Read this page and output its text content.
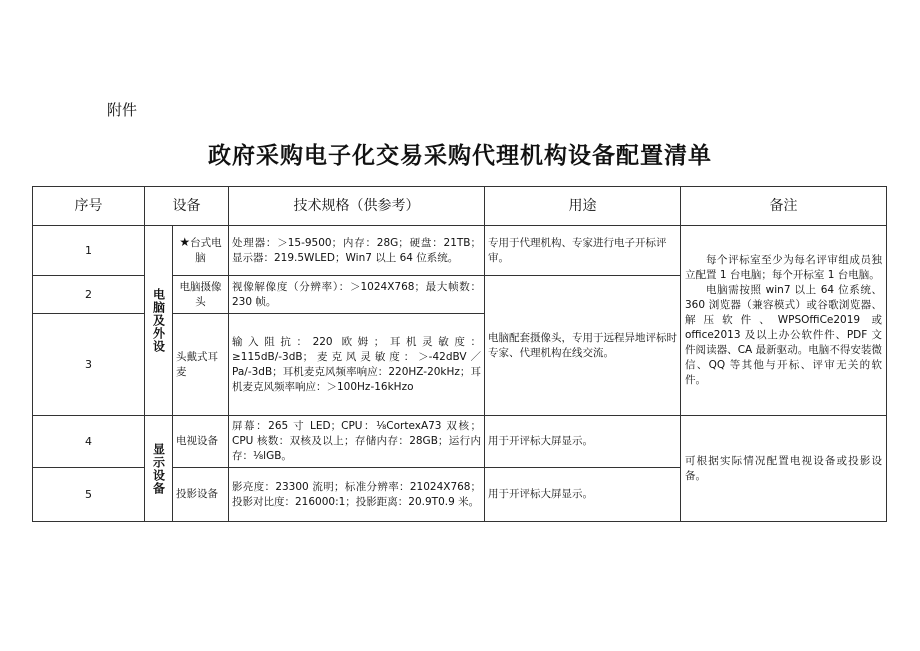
附件
政府采购电子化交易采购代理机构设备配置清单
序号	设备		技术规格（供参考）	用途	备注
1	电脑及外设	★台式电脑	处理器：＞15-9500；内存：28G；硬盘：21TB；显示器：219.5WLED；Win7 以上 64 位系统。	专用于代理机构、专家进行电子开标评审。	每个评标室至少为每名评审组成员独立配置 1 台电脑；每个开标室 1 台电脑。

电脑需按照 win7 以上 64 位系统、360 浏览器（兼容模式）或谷歌浏览器、解压软件、WPSOffiCe2019 或 office2013 及以上办公软件件、PDF 文件阅读器、CA 最新驱动。电脑不得安装微信、QQ 等其他与开标、评审无关的软件。

2		电脑摄像头	视像解像度（分辨率）：＞1024X768；最大帧数：230 帧。	电脑配套摄像头，专用于远程异地评标时专家、代理机构在线交流。	
3		头戴式耳麦	输入阻抗：220 欧姆；耳机灵敏度：≥115dB/-3dB；麦克风灵敏度：＞-42dBV／Pa/-3dB；耳机麦克风频率响应：220HZ-20kHz；耳机麦克风频率响应：＞100Hz-16kHzo		
4	显示设备	电视设备	屏幕：265 寸 LED；CPU：⅛CortexA73 双核；CPU 核数：双核及以上；存储内存：28GB；运行内存：⅛lGB。	用于开评标大屏显示。	可根据实际情况配置电视设备或投影设备。
5		投影设备	影亮度：23300 流明；标准分辨率：21024X768；投影对比度：216000:1；投影距离：20.9T0.9 米。	用于开评标大屏显示。	
